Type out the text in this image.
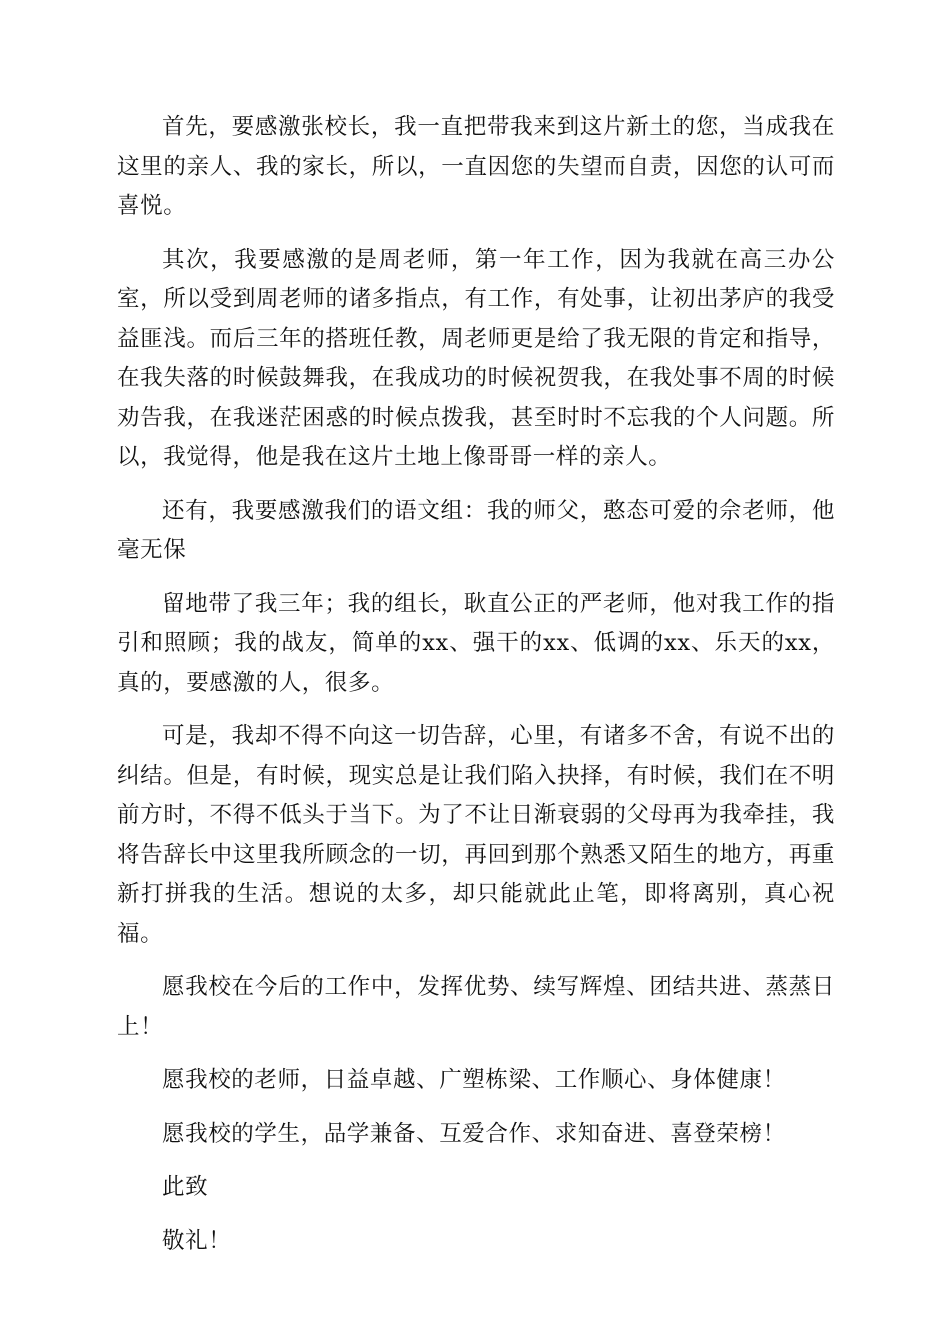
首先，要感激张校长，我一直把带我来到这片新土的您，当成我在这里的亲人、我的家长，所以，一直因您的失望而自责，因您的认可而喜悦。

其次，我要感激的是周老师，第一年工作，因为我就在高三办公室，所以受到周老师的诸多指点，有工作，有处事，让初出茅庐的我受益匪浅。而后三年的搭班任教，周老师更是给了我无限的肯定和指导，在我失落的时候鼓舞我，在我成功的时候祝贺我，在我处事不周的时候劝告我，在我迷茫困惑的时候点拨我，甚至时时不忘我的个人问题。所以，我觉得，他是我在这片土地上像哥哥一样的亲人。

还有，我要感激我们的语文组：我的师父，憨态可爱的佘老师，他毫无保

留地带了我三年；我的组长，耿直公正的严老师，他对我工作的指引和照顾；我的战友，简单的xx、强干的xx、低调的xx、乐天的xx，真的，要感激的人，很多。

可是，我却不得不向这一切告辞，心里，有诸多不舍，有说不出的纠结。但是，有时候，现实总是让我们陷入抉择，有时候，我们在不明前方时，不得不低头于当下。为了不让日渐衰弱的父母再为我牵挂，我将告辞长中这里我所顾念的一切，再回到那个熟悉又陌生的地方，再重新打拼我的生活。想说的太多，却只能就此止笔，即将离别，真心祝福。

愿我校在今后的工作中，发挥优势、续写辉煌、团结共进、蒸蒸日上！

愿我校的老师，日益卓越、广塑栋梁、工作顺心、身体健康！

愿我校的学生，品学兼备、互爱合作、求知奋进、喜登荣榜！

此致

敬礼！
